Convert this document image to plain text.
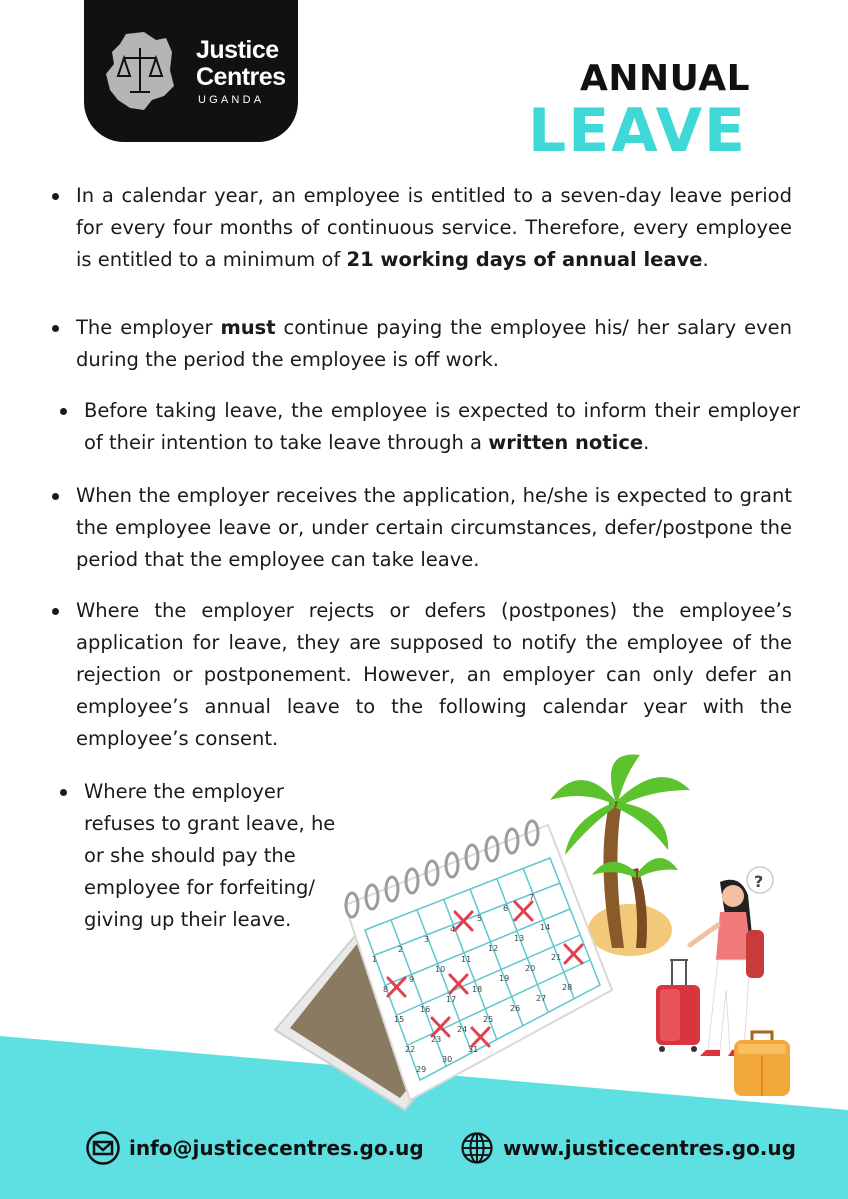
Justice
Centres
UGANDA
ANNUAL
LEAVE
In a calendar year, an employee is entitled to a seven-day leave period for every four months of continuous service. Therefore, every employee is entitled to a minimum of 21 working days of annual leave.
The employer must continue paying the employee his/ her salary even during the period the employee is off work.
Before taking leave, the employee is expected to inform their employer of their intention to take leave through a written notice.
When the employer receives the application, he/she is expected to grant the employee leave or, under certain circumstances, defer/postpone the period that the employee can take leave.
Where the employer rejects or defers (postpones) the employee’s application for leave, they are supposed to notify the employee of the rejection or postponement. However, an employer can only defer an employee’s annual leave to the following calendar year with the employee’s consent.
Where the employer refuses to grant leave, he or she should pay the employee for forfeiting/ giving up their leave.
1
2
3
4
5
6
7
8
9
10
11
12
13
14
15
16
17
18
19
20
21
22
23
24
25
26
27
28
29
30
31
?
info@justicecentres.go.ug	www.justicecentres.go.ug
